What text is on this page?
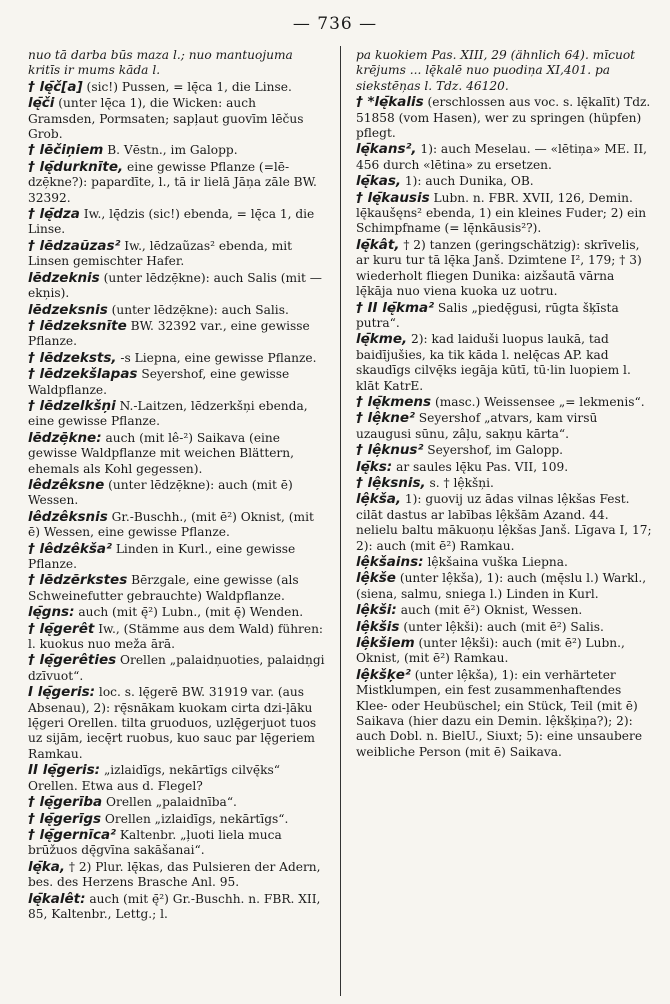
— 736 —
nuo tā darba būs maza l.; nuo mantuojuma kritīs ir mums kāda l.
† lę̄č[a] (sic!) Pussen, = lę̄ca 1, die Linse.
lę̄či (unter lę̄ca 1), die Wicken: auch Gramsden, Pormsaten; sapļaut guovīm lēčus Grob.
† lēčiņiem B. Vēstn., im Galopp.
† lę̄durknīte, eine gewisse Pflanze (=lē-dzē̦kne?): papardīte, l., tā ir lielā Jāņa zāle BW. 32392.
† lę̄dza Iw., lę̄dzis (sic!) ebenda, = lę̄ca 1, die Linse.
† lēdzaũzas² Iw., lēdzaũzas² ebenda, mit Linsen gemischter Hafer.
lēdzeknis (unter lēdzē̦kne): auch Salis (mit — ekn̦is).
lēdzeksnis (unter lēdzē̦kne): auch Salis.
† lēdzeksnīte BW. 32392 var., eine gewisse Pflanze.
† lēdzeksts, -s Liepna, eine gewisse Pflanze.
† lēdzekšlapas Seyershof, eine gewisse Waldpflanze.
† lēdzelkšņi N.-Laitzen, lēdzerkšņi ebenda, eine gewisse Pflanze.
lēdzē̦kne: auch (mit lê-²) Saikava (eine gewisse Waldpflanze mit weichen Blättern, ehemals als Kohl gegessen).
lêdzêksne (unter lēdzē̦kne): auch (mit ē) Wessen.
lêdzêksnis Gr.-Buschh., (mit ē²) Oknist, (mit ē) Wessen, eine gewisse Pflanze.
† lêdzêkša² Linden in Kurl., eine gewisse Pflanze.
† lēdzērkstes Bērzgale, eine gewisse (als Schweinefutter gebrauchte) Waldpflanze.
lę̄gns: auch (mit ę̄²) Lubn., (mit ę̄) Wenden.
† lę̄gerêt Iw., (Stämme aus dem Wald) führen: l. kuokus nuo meža ārā.
† lę̄gerêties Orellen „palaidņuoties, palaidn̦gi dzīvuot“.
I lę̄geris: loc. s. lę̄gerē BW. 31919 var. (aus Absenau), 2): rę̄snākam kuokam cirta dzi-ļāku lę̄geri Orellen. tilta gruoduos, uzlę̄gerjuot tuos uz sijām, iecę̄rt ruobus, kuo sauc par lę̄geriem Ramkau.
II lę̄geris: „izlaidīgs, nekārtīgs cilvę̄ks“ Orellen. Etwa aus d. Flegel?
† lę̄gerība Orellen „palaidnība“.
† lę̄gerīgs Orellen „izlaidīgs, nekārtīgs“.
† lę̄gernīca² Kaltenbr. „ļuoti liela muca brūžuos dę̄gvīna sakāšanai“.
lę̄ka, † 2) Plur. lę̄kas, das Pulsieren der Adern, bes. des Herzens Brasche Anl. 95.
lę̄kalêt: auch (mit ę̄²) Gr.-Buschh. n. FBR. XII, 85, Kaltenbr., Lettg.; l.
pa kuokiem Pas. XIII, 29 (ähnlich 64). mīcuot krējums ... lę̄kalē nuo puodiņa XI,401. pa siekstēņas l. Tdz. 46120.
† *lę̄kalis (erschlossen aus voc. s. lę̄kalīt) Tdz. 51858 (vom Hasen), wer zu springen (hüpfen) pflegt.
lę̄kans², 1): auch Meselau. — «lētiņa» ME. II, 456 durch «lētina» zu ersetzen.
lę̄kas, 1): auch Dunika, OB.
† lę̄kausis Lubn. n. FBR. XVII, 126, Demin. lę̄kaušęns² ebenda, 1) ein kleines Fuder; 2) ein Schimpfname (= lę̄nkāusis²?).
lę̄kât, † 2) tanzen (geringschätzig): skrīvelis, ar kuru tur tā lę̄ka Janš. Dzimtene I², 179; † 3) wiederholt fliegen Dunika: aizšautā vārna lę̄kāja nuo viena kuoka uz uotru.
† II lę̄kma² Salis „piedę̄gusi, rūgta šķīsta putra“.
lę̄kme, 2): kad laiduši luopus laukā, tad baidījušies, ka tik kāda l. nelę̄cas AP. kad skaudīgs cilvę̄ks iegāja kūtī, tū·lin luopiem l. klāt KatrE.
† lę̄kmens (masc.) Weissensee „= lekmenis“.
† lê̦kne² Seyershof „atvars, kam virsū uzaugusi sūnu, zâļu, sakņu kārta“.
† lê̦knus² Seyershof, im Galopp.
lę̄ks: ar saules lę̄ku Pas. VII, 109.
† lê̦ksnis, s. † lê̦kšņi.
lê̦kša, 1): guovij uz ādas vilnas lê̦kšas Fest. cilāt dastus ar labības lê̦kšām Azand. 44. nelielu baltu mākuoņu lê̦kšas Janš. Līgava I, 17; 2): auch (mit ē²) Ramkau.
lê̦kšains: lê̦kšaina vuška Liepna.
lê̦kše (unter lê̦kša), 1): auch (mę̄slu l.) Warkl., (siena, salmu, sniega l.) Linden in Kurl.
lê̦kši: auch (mit ē²) Oknist, Wessen.
lê̦kšis (unter lê̦kši): auch (mit ē²) Salis.
lê̦kšiem (unter lê̦kši): auch (mit ē²) Lubn., Oknist, (mit ē²) Ramkau.
lê̦kšķe² (unter lê̦kša), 1): ein verhärteter Mistklumpen, ein fest zusammenhaftendes Klee- oder Heubüschel; ein Stück, Teil (mit ē) Saikava (hier dazu ein Demin. lê̦kšķiņa?); 2): auch Dobl. n. BielU., Siuxt; 5): eine unsaubere weibliche Person (mit ē) Saikava.
